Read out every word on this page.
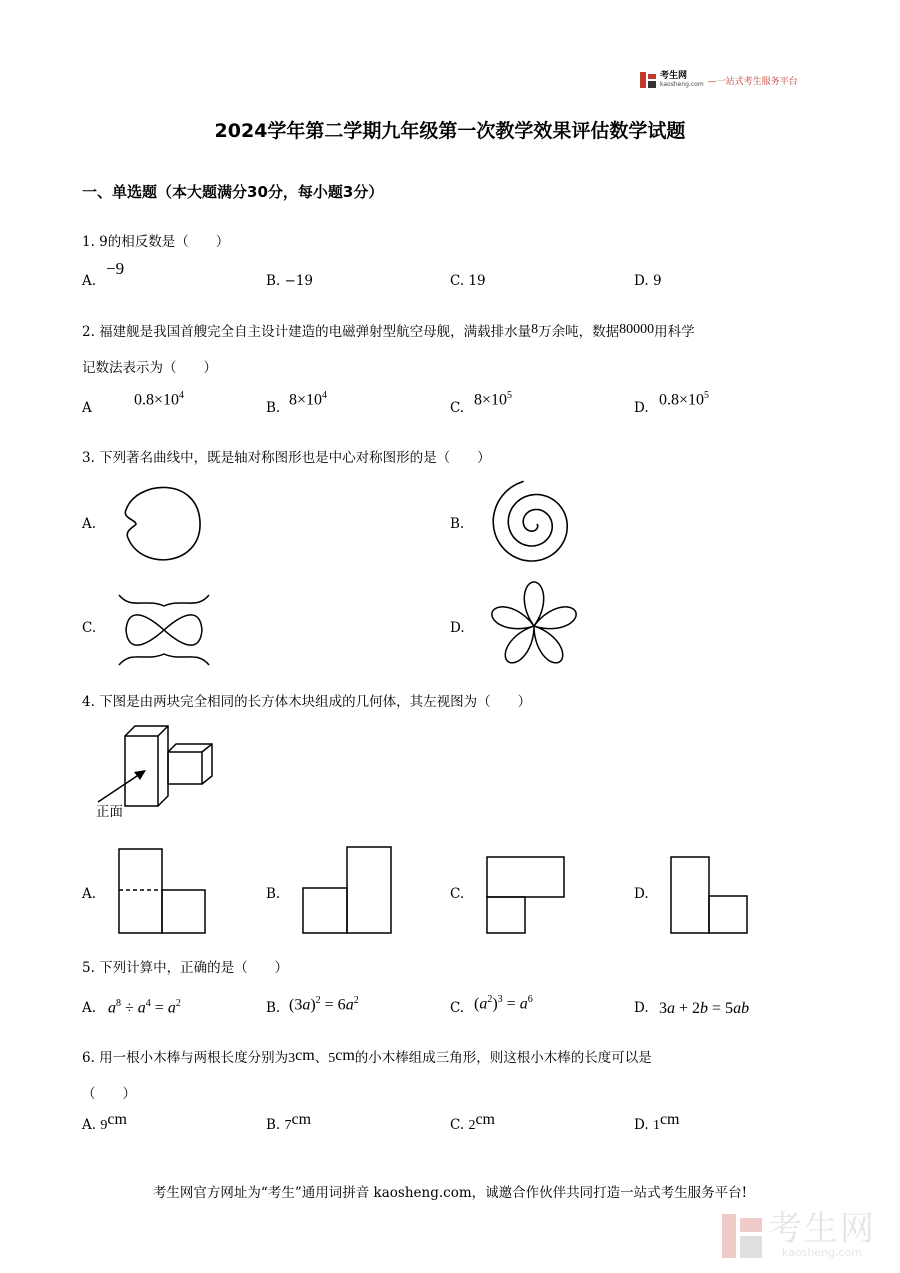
考生网
kaosheng.com —一站式考生服务平台
2024学年第二学期九年级第一次教学效果评估数学试题
一、单选题（本大题满分30分，每小题3分）
1. 9的相反数是（　　）
A.
−9
B. −19	C. 19	D. 9
2. 福建舰是我国首艘完全自主设计建造的电磁弹射型航空母舰，满载排水量8万余吨，数据80000用科学
记数法表示为（　　）
A	$0.8\times 10^4$
B. $8\times 10^4$
C. $8\times 10^5$
D. $0.8\times 10^5$
3. 下列著名曲线中，既是轴对称图形也是中心对称图形的是（　　）
A.	B.
C.	D.
4. 下图是由两块完全相同的长方体木块组成的几何体，其左视图为（　　）
正面
A.	B.	C.	D.
5. 下列计算中，正确的是（　　）
A. $a^8 \div a^4 = a^2$	B. $(3a)^2 = 6a^2$	C. $(a^2)^3 = a^6$
D. 3a + 2b = 5ab
6. 用一根小木棒与两根长度分别为3cm、5cm的小木棒组成三角形，则这根小木棒的长度可以是
（　　）
A. 9cm	B. 7cm	C. 2cm	D. 1cm
考生网官方网址为“考生”通用词拼音 kaosheng.com，诚邀合作伙伴共同打造一站式考生服务平台!
考生网
kaosheng.com
